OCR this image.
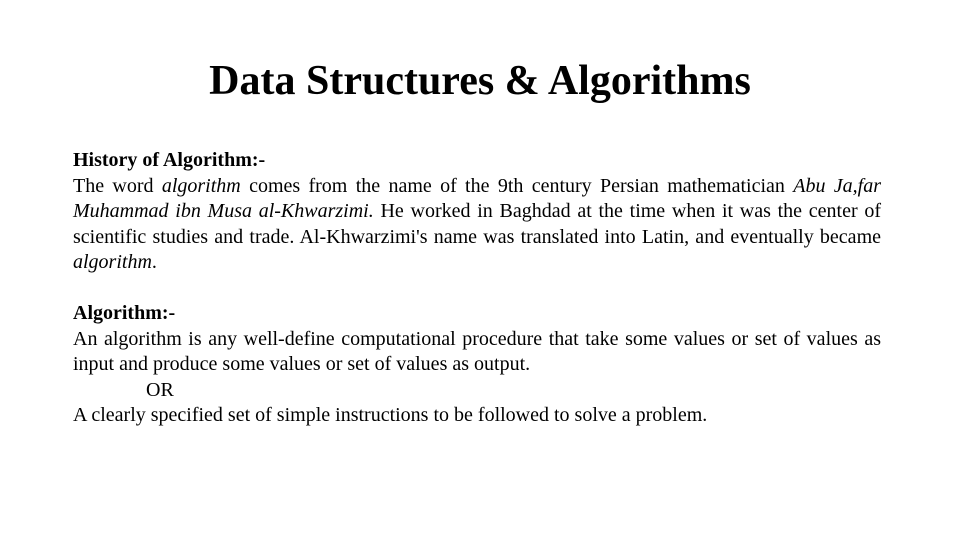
Data Structures & Algorithms

History of Algorithm:-

The word algorithm comes from the name of the 9th century Persian mathematician Abu Ja,far Muhammad ibn Musa al-Khwarzimi. He worked in Baghdad at the time when it was the center of scientific studies and trade. Al-Khwarzimi's name was translated into Latin, and eventually became algorithm.

Algorithm:-

An algorithm is any well-define computational procedure that take some values or set of values as input and produce some values or set of values as output.

OR

A clearly specified set of simple instructions to be followed to solve a problem.
